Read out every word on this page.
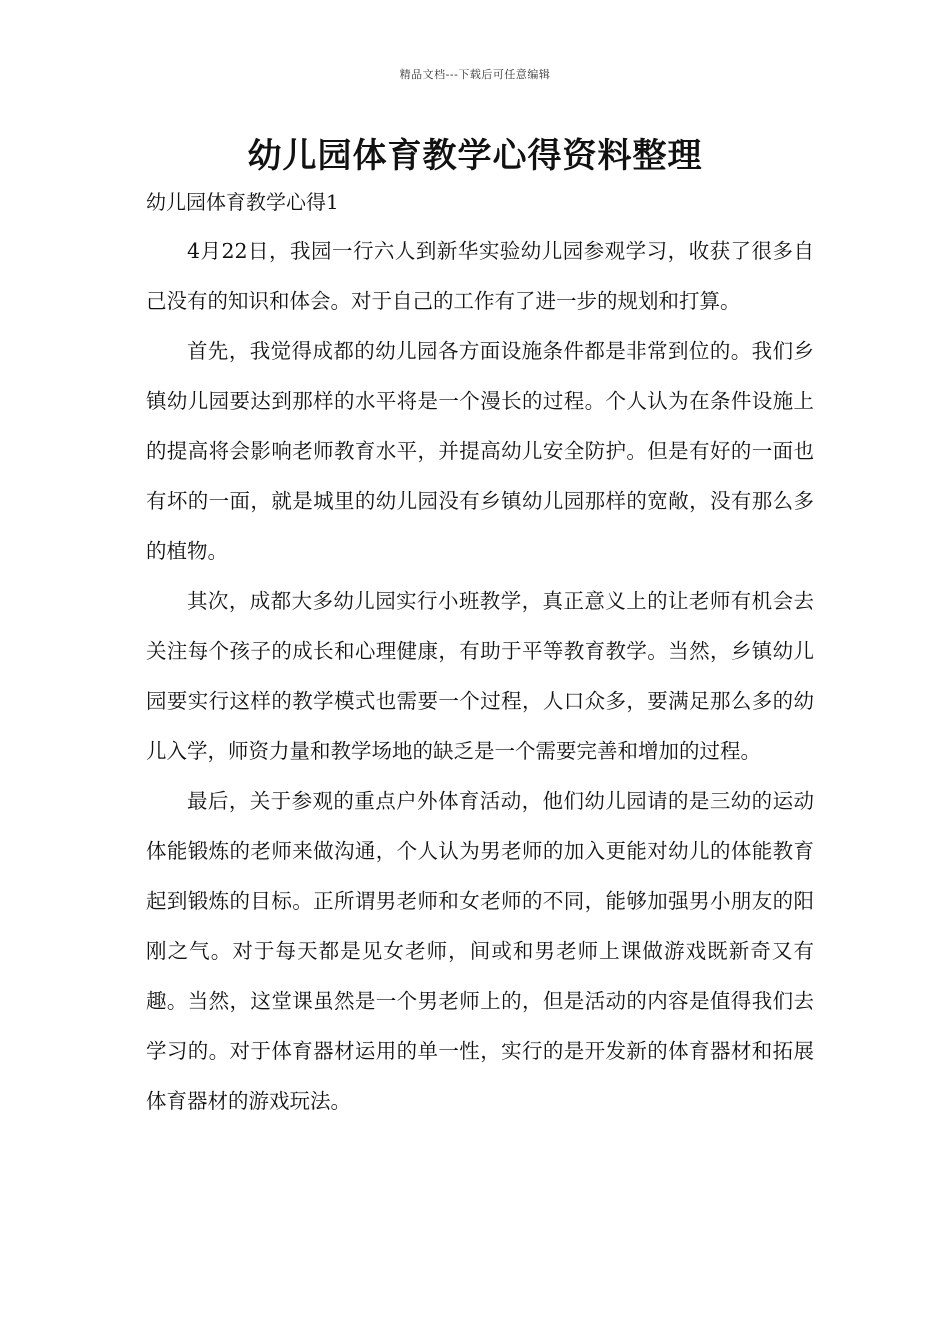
精品文档---下载后可任意编辑
幼儿园体育教学心得资料整理

幼儿园体育教学心得1

4月22日，我园一行六人到新华实验幼儿园参观学习，收获了很多自己没有的知识和体会。对于自己的工作有了进一步的规划和打算。

首先，我觉得成都的幼儿园各方面设施条件都是非常到位的。我们乡镇幼儿园要达到那样的水平将是一个漫长的过程。个人认为在条件设施上的提高将会影响老师教育水平，并提高幼儿安全防护。但是有好的一面也有坏的一面，就是城里的幼儿园没有乡镇幼儿园那样的宽敞，没有那么多的植物。

其次，成都大多幼儿园实行小班教学，真正意义上的让老师有机会去关注每个孩子的成长和心理健康，有助于平等教育教学。当然，乡镇幼儿园要实行这样的教学模式也需要一个过程，人口众多，要满足那么多的幼儿入学，师资力量和教学场地的缺乏是一个需要完善和增加的过程。

最后，关于参观的重点户外体育活动，他们幼儿园请的是三幼的运动体能锻炼的老师来做沟通，个人认为男老师的加入更能对幼儿的体能教育起到锻炼的目标。正所谓男老师和女老师的不同，能够加强男小朋友的阳刚之气。对于每天都是见女老师，间或和男老师上课做游戏既新奇又有趣。当然，这堂课虽然是一个男老师上的，但是活动的内容是值得我们去学习的。对于体育器材运用的单一性，实行的是开发新的体育器材和拓展体育器材的游戏玩法。
